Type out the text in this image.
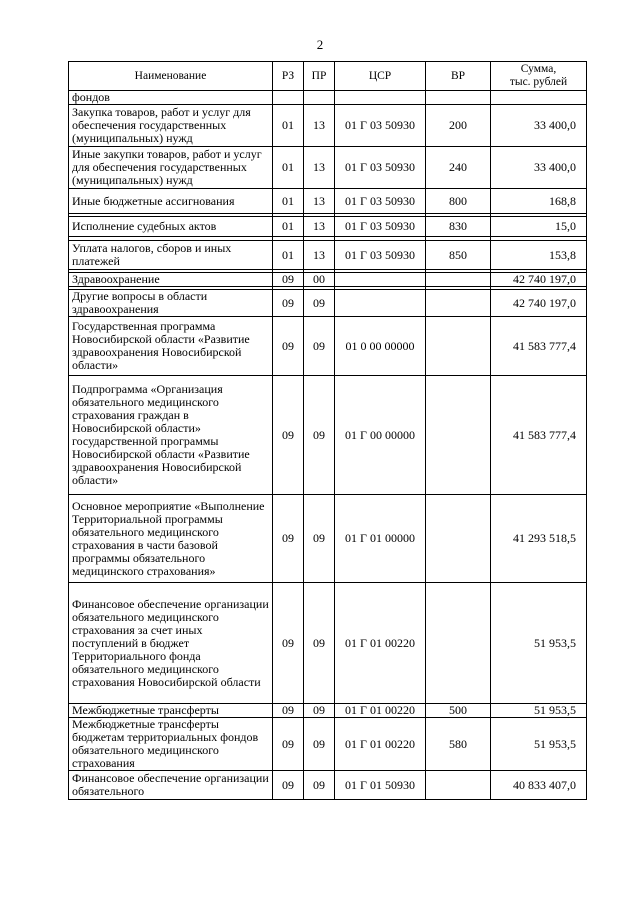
2
Наименование	РЗ	ПР	ЦСР	ВР	Сумма,
тыс. рублей
фондов					
Закупка товаров, работ и услуг для обеспечения государственных (муниципальных) нужд	01	13	01 Г 03 50930	200	33 400,0
Иные закупки товаров, работ и услуг для обеспечения государственных (муниципальных) нужд	01	13	01 Г 03 50930	240	33 400,0
Иные бюджетные ассигнования	01	13	01 Г 03 50930	800	168,8

Исполнение судебных актов	01	13	01 Г 03 50930	830	15,0

Уплата налогов, сборов и иных платежей	01	13	01 Г 03 50930	850	153,8

Здравоохранение	09	00			42 740 197,0

Другие вопросы в области здравоохранения	09	09			42 740 197,0
Государственная программа Новосибирской области «Развитие здравоохранения Новосибирской области»	09	09	01 0 00 00000		41 583 777,4
Подпрограмма «Организация обязательного медицинского страхования граждан в Новосибирской области» государственной программы Новосибирской области «Развитие здравоохранения Новосибирской области»	09	09	01 Г 00 00000		41 583 777,4
Основное мероприятие «Выполнение Территориальной программы обязательного медицинского страхования в части базовой программы обязательного медицинского страхования»	09	09	01 Г 01 00000		41 293 518,5
Финансовое обеспечение организации обязательного медицинского страхования за счет иных поступлений в бюджет Территориального фонда обязательного медицинского страхования Новосибирской области	09	09	01 Г 01 00220		51 953,5
Межбюджетные трансферты	09	09	01 Г 01 00220	500	51 953,5
Межбюджетные трансферты бюджетам территориальных фондов обязательного медицинского страхования	09	09	01 Г 01 00220	580	51 953,5
Финансовое обеспечение организации обязательного	09	09	01 Г 01 50930		40 833 407,0
